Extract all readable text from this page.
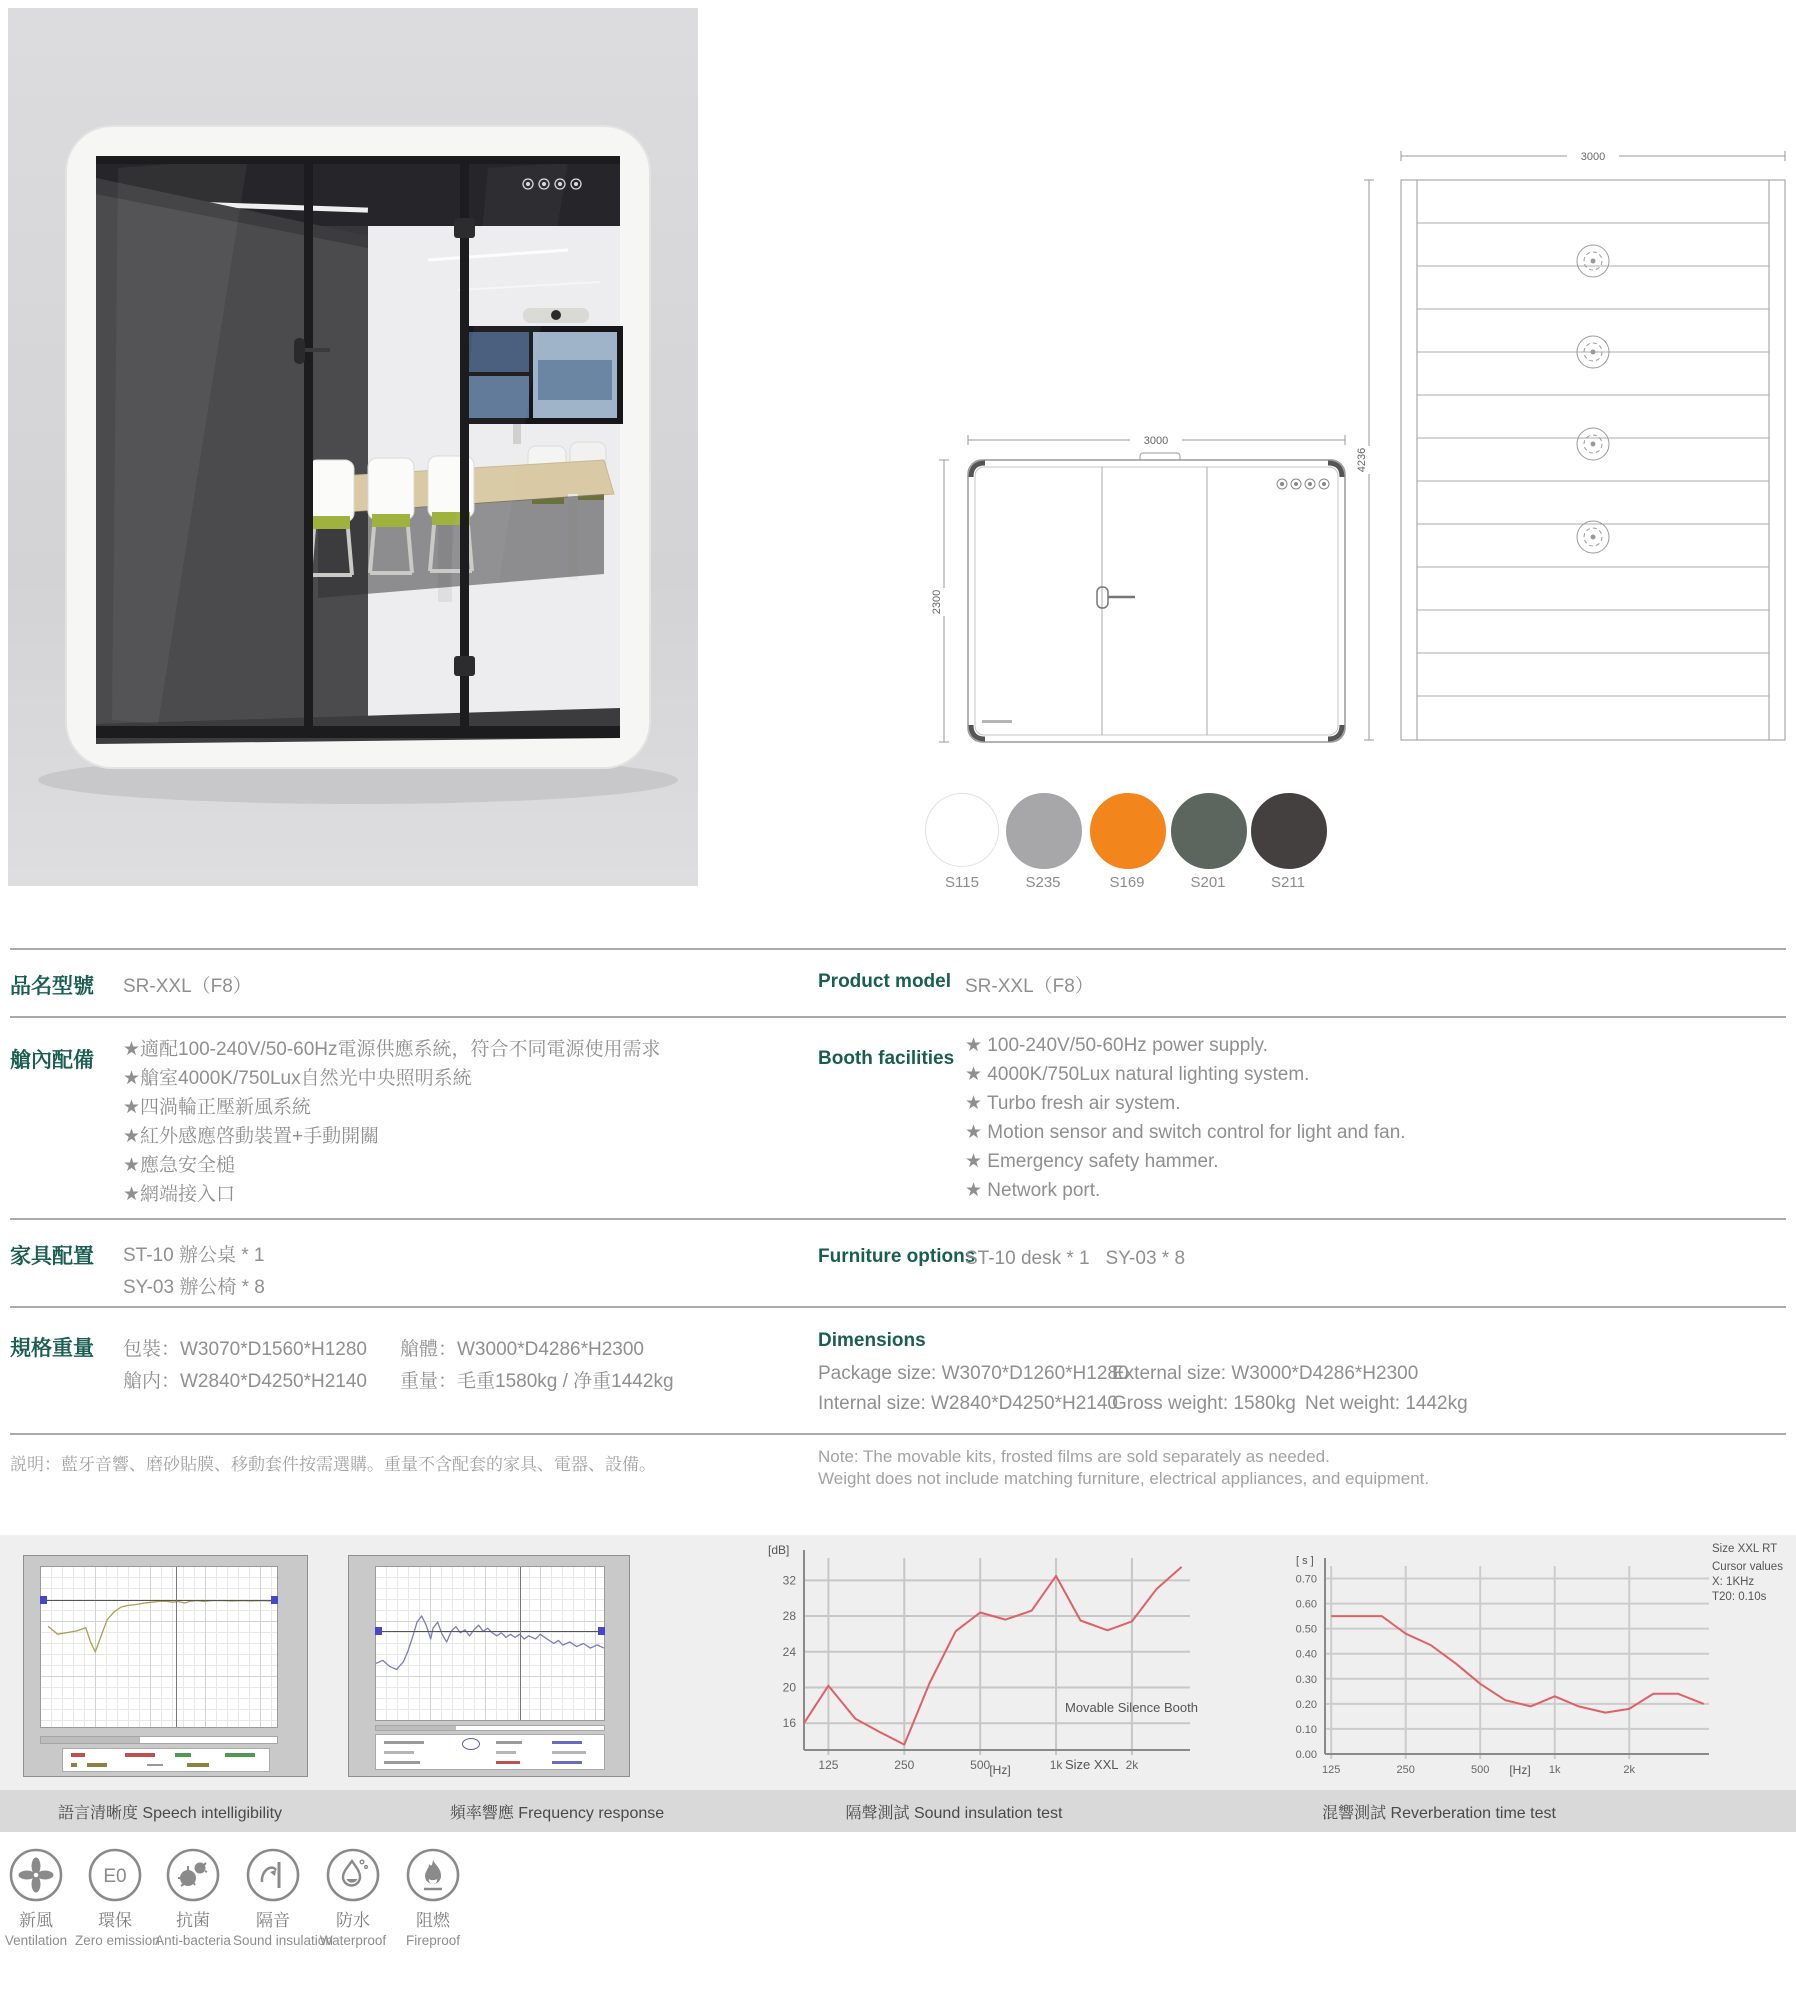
3000
2300
3000
4236
S115	S235	S169	S201	S211
品名型號 SR-XXL（F8）	Product model SR-XXL（F8）
艙內配備 ★適配100-240V/50-60Hz電源供應系統，符合不同電源使用需求
★艙室4000K/750Lux自然光中央照明系統
★四渦輪正壓新風系統
★紅外感應啓動裝置+手動開關
★應急安全槌
★網端接入口
Booth facilities
★ 100-240V/50-60Hz power supply.
★ 4000K/750Lux natural lighting system.
★ Turbo fresh air system.
★ Motion sensor and switch control for light and fan.
★ Emergency safety hammer.
★ Network port.
家具配置 ST-10 辦公桌 * 1
SY-03 辦公椅 * 8
Furniture options
ST-10 desk * 1   SY-03 * 8
規格重量 包裝：W3070*D1560*H1280 艙體：W3000*D4286*H2300
艙内：W2840*D4250*H2140 重量：毛重1580kg / 净重1442kg
Dimensions
Package size: W3070*D1260*H1280
External size: W3000*D4286*H2300
Internal size: W2840*D4250*H2140
Gross weight: 1580kg Net weight: 1442kg
説明：藍牙音響、磨砂貼膜、移動套件按需選購。重量不含配套的家具、電器、設備。	Note: The movable kits, frosted films are sold separately as needed.
Weight does not include matching furniture, electrical appliances, and equipment.
16
20
24
28
32
125	250	500	1k	2k
[dB]
[Hz]

Movable Silence Booth

Size XXL

0.00
0.10
0.20
0.30
0.40
0.50
0.60
0.70
125	250	500	1k	2k
[ s ]
[Hz]
Size XXL RT
Cursor values
X: 1KHz
T20: 0.10s
語言清晰度 Speech intelligibility	頻率響應 Frequency response	隔聲測試 Sound insulation test	混響測試 Reverberation time test
新風
Ventilation
E0
環保
Zero emission
抗菌
Anti-bacteria
隔音
Sound insulation
防水
Waterproof
阻燃
Fireproof
